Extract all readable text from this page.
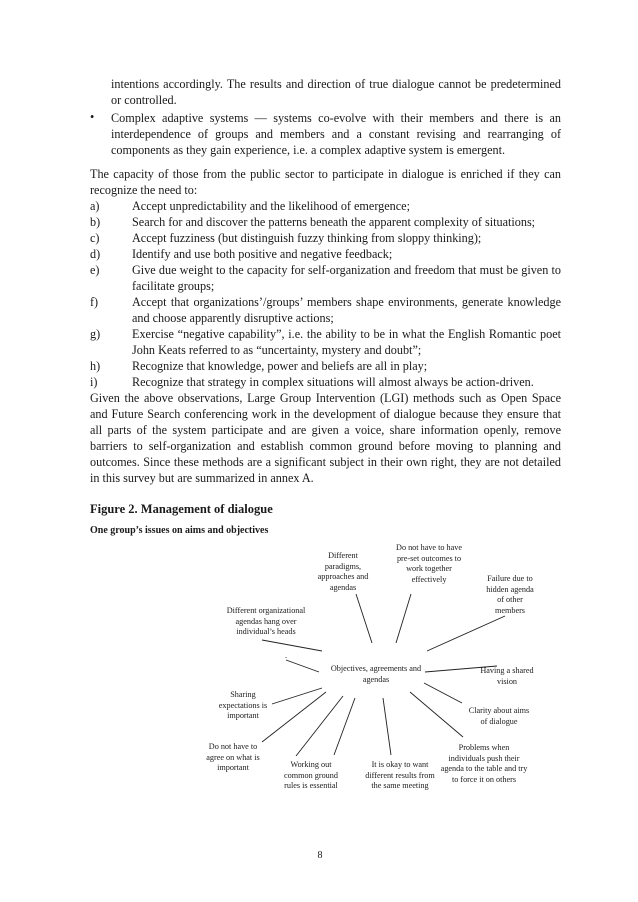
intentions accordingly. The results and direction of true dialogue cannot be predetermined or controlled.

• Complex adaptive systems — systems co-evolve with their members and there is an interdependence of groups and members and a constant revising and rearranging of components as they gain experience, i.e. a complex adaptive system is emergent.

The capacity of those from the public sector to participate in dialogue is enriched if they can recognize the need to:

a)	Accept unpredictability and the likelihood of emergence;
b)	Search for and discover the patterns beneath the apparent complexity of situations;
c)	Accept fuzziness (but distinguish fuzzy thinking from sloppy thinking);
d)	Identify and use both positive and negative feedback;
e)	Give due weight to the capacity for self-organization and freedom that must be given to facilitate groups;
f)	Accept that organizations’/groups’ members shape environments, generate knowledge and choose apparently disruptive actions;
g)	Exercise “negative capability”, i.e. the ability to be in what the English Romantic poet John Keats referred to as “uncertainty, mystery and doubt”;
h)	Recognize that knowledge, power and beliefs are all in play;
i)	Recognize that strategy in complex situations will almost always be action-driven.

Given the above observations, Large Group Intervention (LGI) methods such as Open Space and Future Search conferencing work in the development of dialogue because they ensure that all parts of the system participate and are given a voice, share information openly, remove barriers to self-organization and establish common ground before moving to planning and outcomes. Since these methods are a significant subject in their own right, they are not detailed in this survey but are summarized in annex A.

Figure 2. Management of dialogue
One group’s issues on aims and objectives
Objectives, agreements and agendas
Different paradigms, approaches and agendas
Do not have to have pre-set outcomes to work together effectively	Failure due to hidden agenda of other members
Different organizational agendas hang over individual’s heads
.
Having a shared vision
Sharing expectations is important
Clarity about aims of dialogue
Do not have to agree on what is important	Working out common ground rules is essential
It is okay to want different results from the same meeting
Problems when individuals push their agenda to the table and try to force it on others
8
